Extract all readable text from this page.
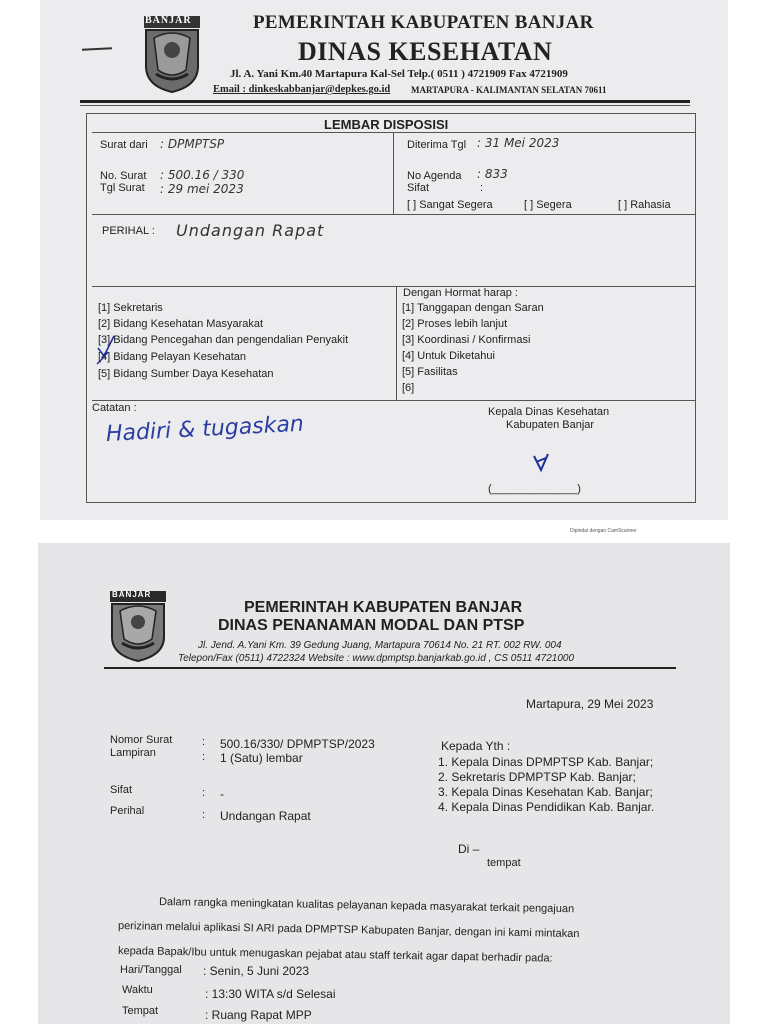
BANJAR	PEMERINTAH KABUPATEN BANJAR
DINAS KESEHATAN
Jl. A. Yani Km.40 Martapura Kal-Sel Telp.( 0511 ) 4721909 Fax 4721909
Email : dinkeskabbanjar@depkes.go.id MARTAPURA - KALIMANTAN SELATAN 70611
LEMBAR DISPOSISI
Surat dari : DPMPTSP
No. Surat : 500.16 / 330
Tgl Surat : 29 mei 2023
Diterima Tgl : 31 Mei 2023
No Agenda : 833
Sifat	:
[ ] Sangat Segera	[ ] Segera	[ ] Rahasia
PERIHAL : Undangan Rapat
[1] Sekretaris
[2] Bidang Kesehatan Masyarakat
[3] Bidang Pencegahan dan pengendalian Penyakit
[4] Bidang Pelayan Kesehatan
[5] Bidang Sumber Daya Kesehatan
Dengan Hormat harap :
[1] Tanggapan dengan Saran
[2] Proses lebih lanjut
[3] Koordinasi / Konfirmasi
[4] Untuk Diketahui
[5] Fasilitas
[6]
Catatan :
Hadiri & tugaskan	Kepala Dinas Kesehatan
Kabupaten Banjar
(______________)
Dipindai dengan CamScanner
BANJAR
PEMERINTAH KABUPATEN BANJAR
DINAS PENANAMAN MODAL DAN PTSP
Jl. Jend. A.Yani Km. 39 Gedung Juang, Martapura 70614 No. 21 RT. 002 RW. 004
Telepon/Fax (0511) 4722324 Website : www.dpmptsp.banjarkab.go.id , CS 0511 4721000
Martapura, 29 Mei 2023
Nomor Surat	: 500.16/330/ DPMPTSP/2023
Lampiran	: 1 (Satu) lembar
Sifat	: -
Perihal	: Undangan Rapat
Kepada Yth :
1. Kepala Dinas DPMPTSP Kab. Banjar;
2. Sekretaris DPMPTSP Kab. Banjar;
3. Kepala Dinas Kesehatan Kab. Banjar;
4. Kepala Dinas Pendidikan Kab. Banjar.
Di –
tempat
Dalam rangka meningkatan kualitas pelayanan kepada masyarakat terkait pengajuan
perizinan melalui aplikasi SI ARI pada DPMPTSP Kabupaten Banjar, dengan ini kami mintakan
kepada Bapak/Ibu untuk menugaskan pejabat atau staff terkait agar dapat berhadir pada:
Hari/Tanggal : Senin, 5 Juni 2023
Waktu	: 13:30 WITA s/d Selesai
Tempat	: Ruang Rapat MPP
